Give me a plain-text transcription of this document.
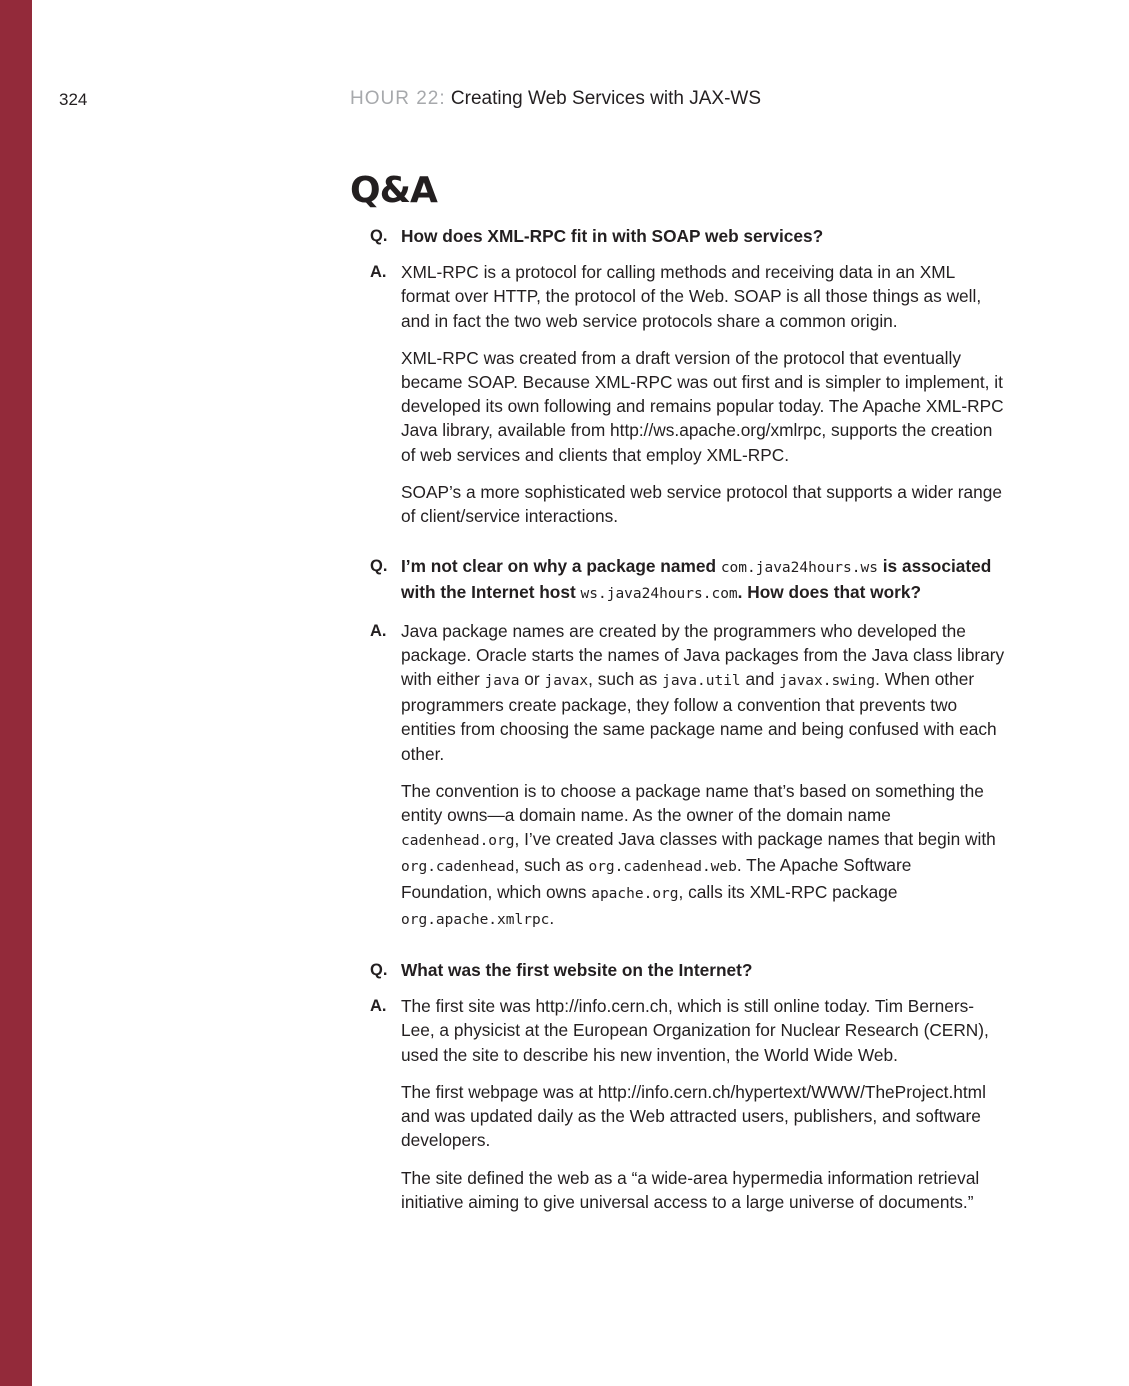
324	HOUR 22: Creating Web Services with JAX-WS
Q&A
Q. How does XML-RPC fit in with SOAP web services?

A. XML-RPC is a protocol for calling methods and receiving data in an XML format over HTTP, the protocol of the Web. SOAP is all those things as well, and in fact the two web service protocols share a common origin.

XML-RPC was created from a draft version of the protocol that eventually became SOAP. Because XML-RPC was out first and is simpler to implement, it developed its own following and remains popular today. The Apache XML-RPC Java library, available from http://ws.apache.org/xmlrpc, supports the creation of web services and clients that employ XML-RPC.

SOAP’s a more sophisticated web service protocol that supports a wider range of client/service interactions.

Q. I’m not clear on why a package named com.java24hours.ws is associated with the Internet host ws.java24hours.com. How does that work?

A. Java package names are created by the programmers who developed the package. Oracle starts the names of Java packages from the Java class library with either java or javax, such as java.util and javax.swing. When other programmers create package, they follow a convention that prevents two entities from choosing the same package name and being confused with each other.

The convention is to choose a package name that’s based on something the entity owns—a domain name. As the owner of the domain name cadenhead.org, I’ve created Java classes with package names that begin with org.cadenhead, such as org.cadenhead.web. The Apache Software Foundation, which owns apache.org, calls its XML-RPC package org.apache.xmlrpc.

Q. What was the first website on the Internet?

A. The first site was http://info.cern.ch, which is still online today. Tim Berners-Lee, a physicist at the European Organization for Nuclear Research (CERN), used the site to describe his new invention, the World Wide Web.

The first webpage was at http://info.cern.ch/hypertext/WWW/TheProject.html and was updated daily as the Web attracted users, publishers, and software developers.

The site defined the web as a “a wide-area hypermedia information retrieval initiative aiming to give universal access to a large universe of documents.”
